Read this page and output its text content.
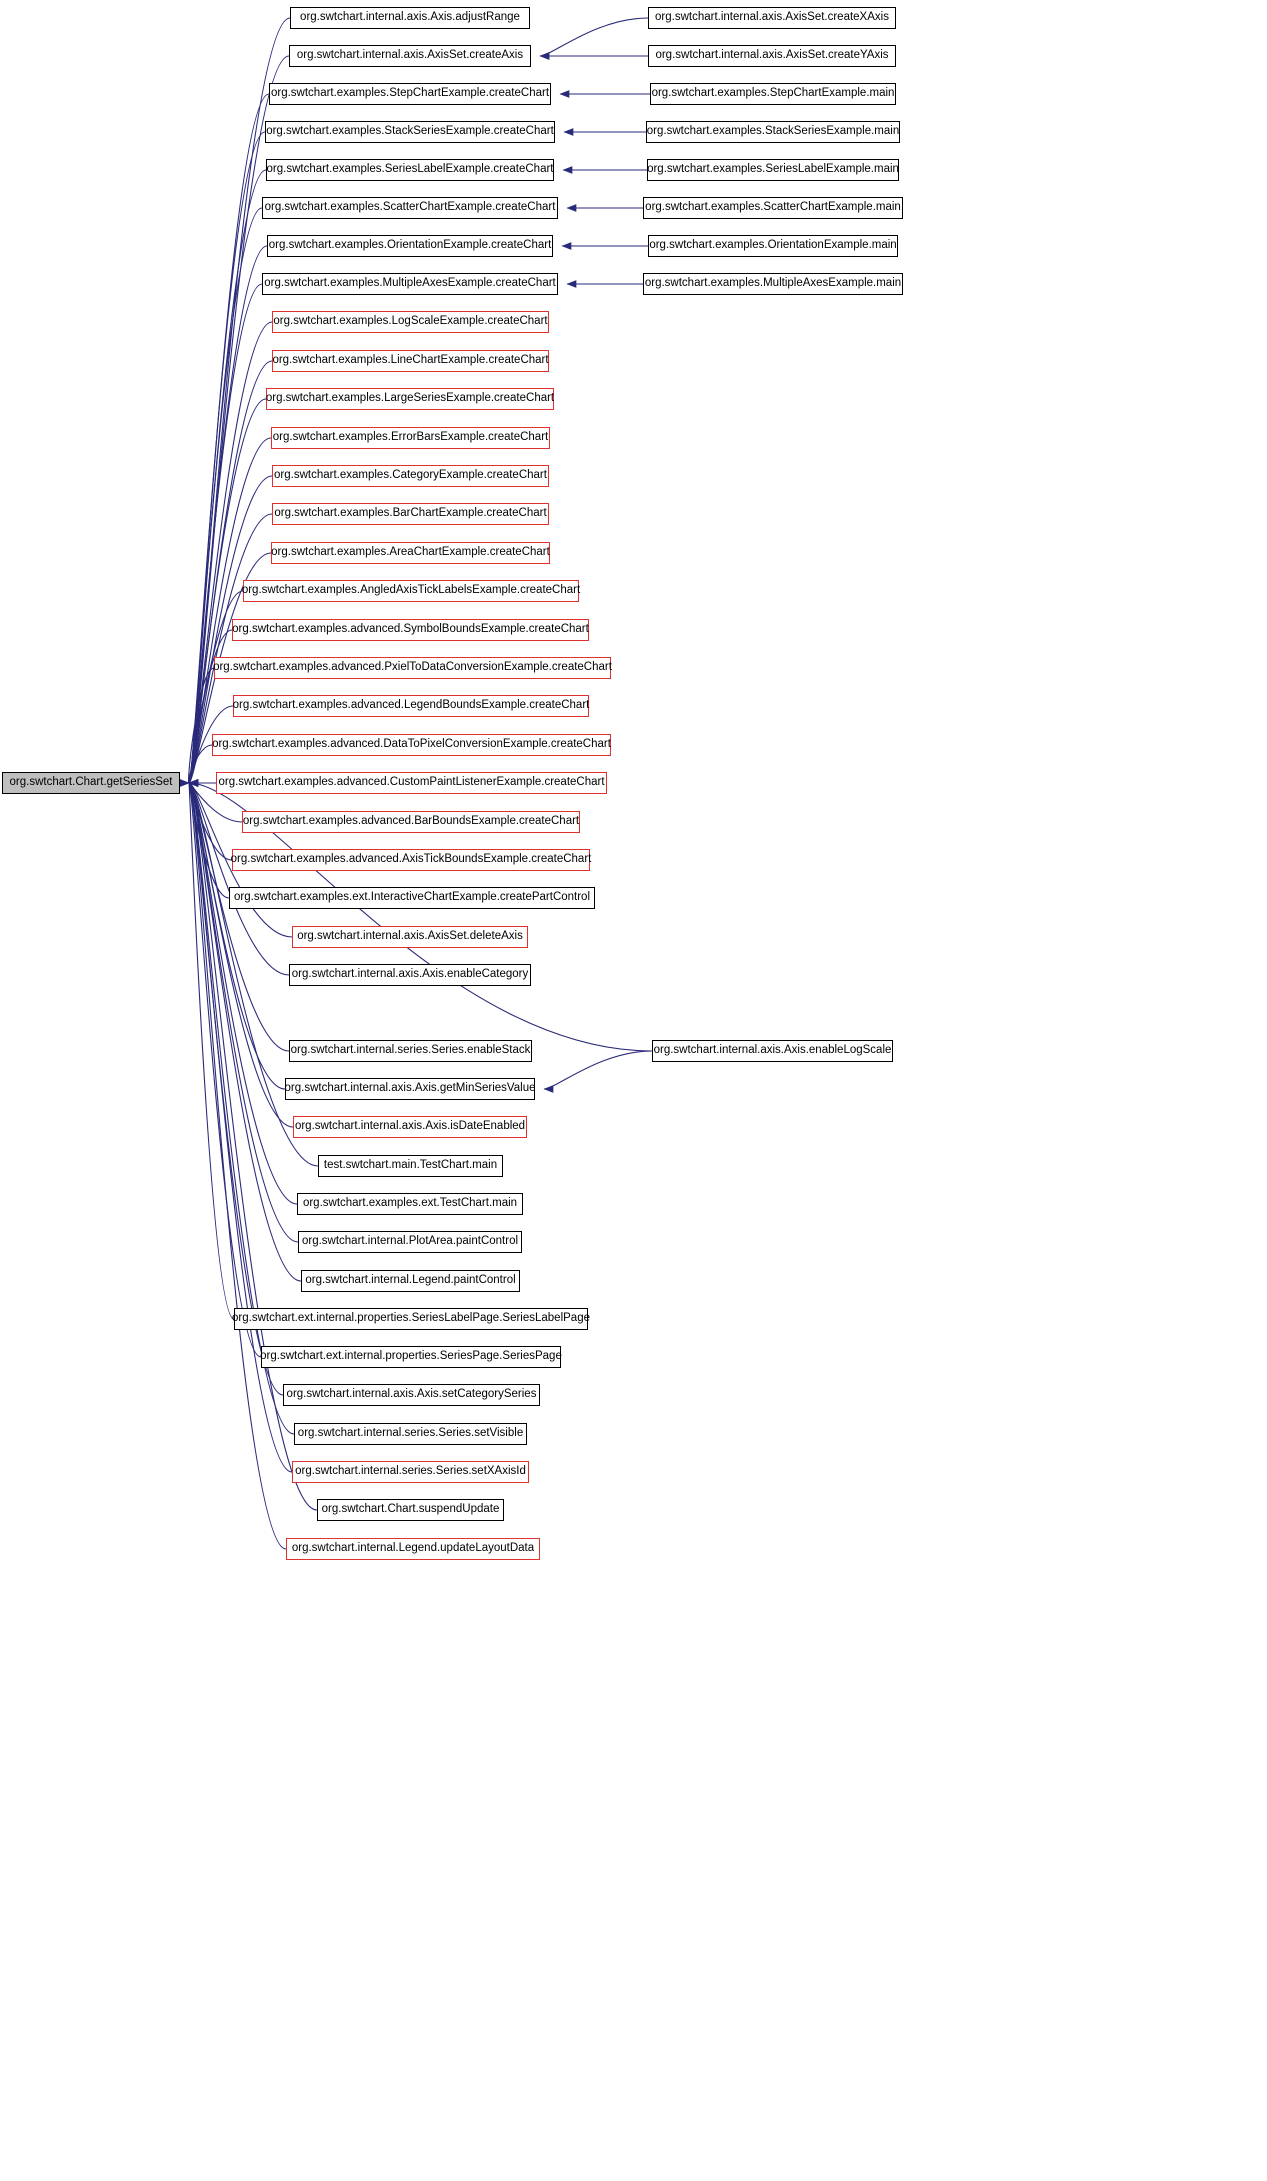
org.swtchart.Chart.getSeriesSet
org.swtchart.internal.axis.Axis.adjustRange
org.swtchart.internal.axis.AxisSet.createAxis
org.swtchart.examples.StepChartExample.createChart
org.swtchart.examples.StackSeriesExample.createChart
org.swtchart.examples.SeriesLabelExample.createChart
org.swtchart.examples.ScatterChartExample.createChart
org.swtchart.examples.OrientationExample.createChart
org.swtchart.examples.MultipleAxesExample.createChart
org.swtchart.examples.LogScaleExample.createChart
org.swtchart.examples.LineChartExample.createChart
org.swtchart.examples.LargeSeriesExample.createChart
org.swtchart.examples.ErrorBarsExample.createChart
org.swtchart.examples.CategoryExample.createChart
org.swtchart.examples.BarChartExample.createChart
org.swtchart.examples.AreaChartExample.createChart
org.swtchart.examples.AngledAxisTickLabelsExample.createChart
org.swtchart.examples.advanced.SymbolBoundsExample.createChart
org.swtchart.examples.advanced.PxielToDataConversionExample.createChart
org.swtchart.examples.advanced.LegendBoundsExample.createChart
org.swtchart.examples.advanced.DataToPixelConversionExample.createChart
org.swtchart.examples.advanced.CustomPaintListenerExample.createChart
org.swtchart.examples.advanced.BarBoundsExample.createChart
org.swtchart.examples.advanced.AxisTickBoundsExample.createChart
org.swtchart.examples.ext.InteractiveChartExample.createPartControl
org.swtchart.internal.axis.AxisSet.deleteAxis
org.swtchart.internal.axis.Axis.enableCategory
org.swtchart.internal.series.Series.enableStack
org.swtchart.internal.axis.Axis.getMinSeriesValue
org.swtchart.internal.axis.Axis.isDateEnabled
test.swtchart.main.TestChart.main
org.swtchart.examples.ext.TestChart.main
org.swtchart.internal.PlotArea.paintControl
org.swtchart.internal.Legend.paintControl
org.swtchart.ext.internal.properties.SeriesLabelPage.SeriesLabelPage
org.swtchart.ext.internal.properties.SeriesPage.SeriesPage
org.swtchart.internal.axis.Axis.setCategorySeries
org.swtchart.internal.series.Series.setVisible
org.swtchart.internal.series.Series.setXAxisId
org.swtchart.Chart.suspendUpdate
org.swtchart.internal.Legend.updateLayoutData
org.swtchart.internal.axis.AxisSet.createXAxis
org.swtchart.internal.axis.AxisSet.createYAxis
org.swtchart.examples.StepChartExample.main
org.swtchart.examples.StackSeriesExample.main
org.swtchart.examples.SeriesLabelExample.main
org.swtchart.examples.ScatterChartExample.main
org.swtchart.examples.OrientationExample.main
org.swtchart.examples.MultipleAxesExample.main
org.swtchart.internal.axis.Axis.enableLogScale
